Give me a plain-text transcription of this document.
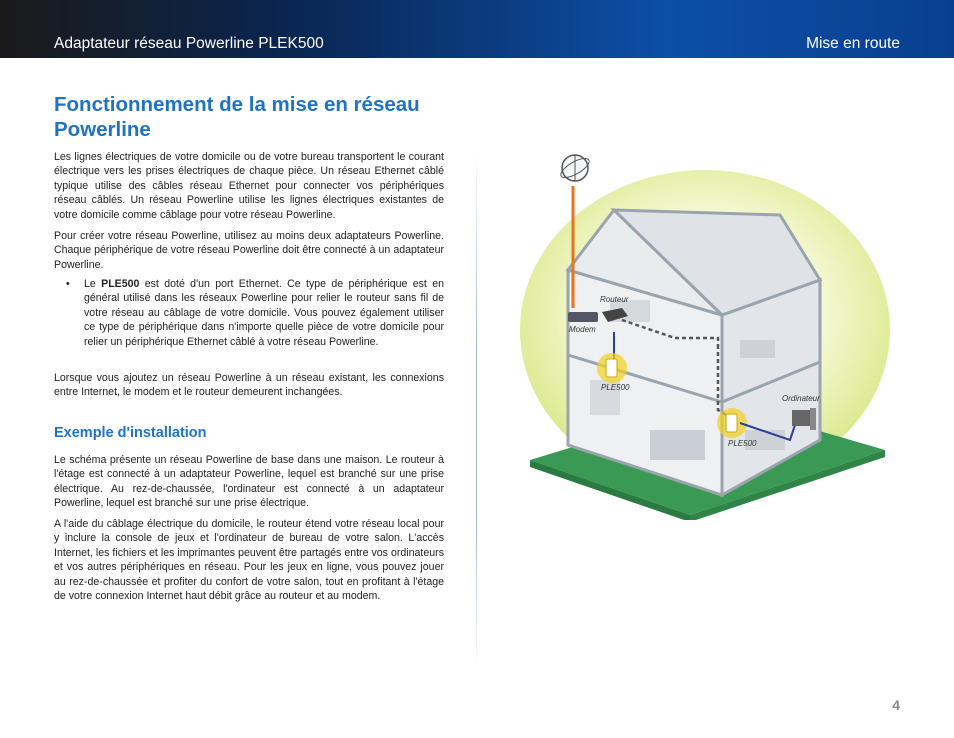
Adaptateur réseau Powerline PLEK500	Mise en route
Fonctionnement de la mise en réseau Powerline

Les lignes électriques de votre domicile ou de votre bureau transportent le courant électrique vers les prises électriques de chaque pièce. Un réseau Ethernet câblé typique utilise des câbles réseau Ethernet pour connecter vos périphériques réseau câblés. Un réseau Powerline utilise les lignes électriques existantes de votre domicile comme câblage pour votre réseau Powerline.

Pour créer votre réseau Powerline, utilisez au moins deux adaptateurs Powerline. Chaque périphérique de votre réseau Powerline doit être connecté à un adaptateur Powerline.

• Le PLE500 est doté d'un port Ethernet. Ce type de périphérique est en général utilisé dans les réseaux Powerline pour relier le routeur sans fil de votre réseau au câblage de votre domicile. Vous pouvez également utiliser ce type de périphérique dans n'importe quelle pièce de votre domicile pour relier un périphérique Ethernet câblé à votre réseau Powerline.

Lorsque vous ajoutez un réseau Powerline à un réseau existant, les connexions entre Internet, le modem et le routeur demeurent inchangées.

Exemple d'installation

Le schéma présente un réseau Powerline de base dans une maison. Le routeur à l'étage est connecté à un adaptateur Powerline, lequel est branché sur une prise électrique. Au rez-de-chaussée, l'ordinateur est connecté à un adaptateur Powerline, lequel est branché sur une prise électrique.

A l'aide du câblage électrique du domicile, le routeur étend votre réseau local pour y inclure la console de jeux et l'ordinateur de bureau de votre salon. L'accès Internet, les fichiers et les imprimantes peuvent être partagés entre vos ordinateurs et vos autres périphériques en réseau. Pour les jeux en ligne, vous pouvez jouer au rez-de-chaussée et profiter du confort de votre salon, tout en profitant à l'étage de votre connexion Internet haut débit grâce au routeur et au modem.

Routeur
Modem
PLE500
PLE500
Ordinateur
4
